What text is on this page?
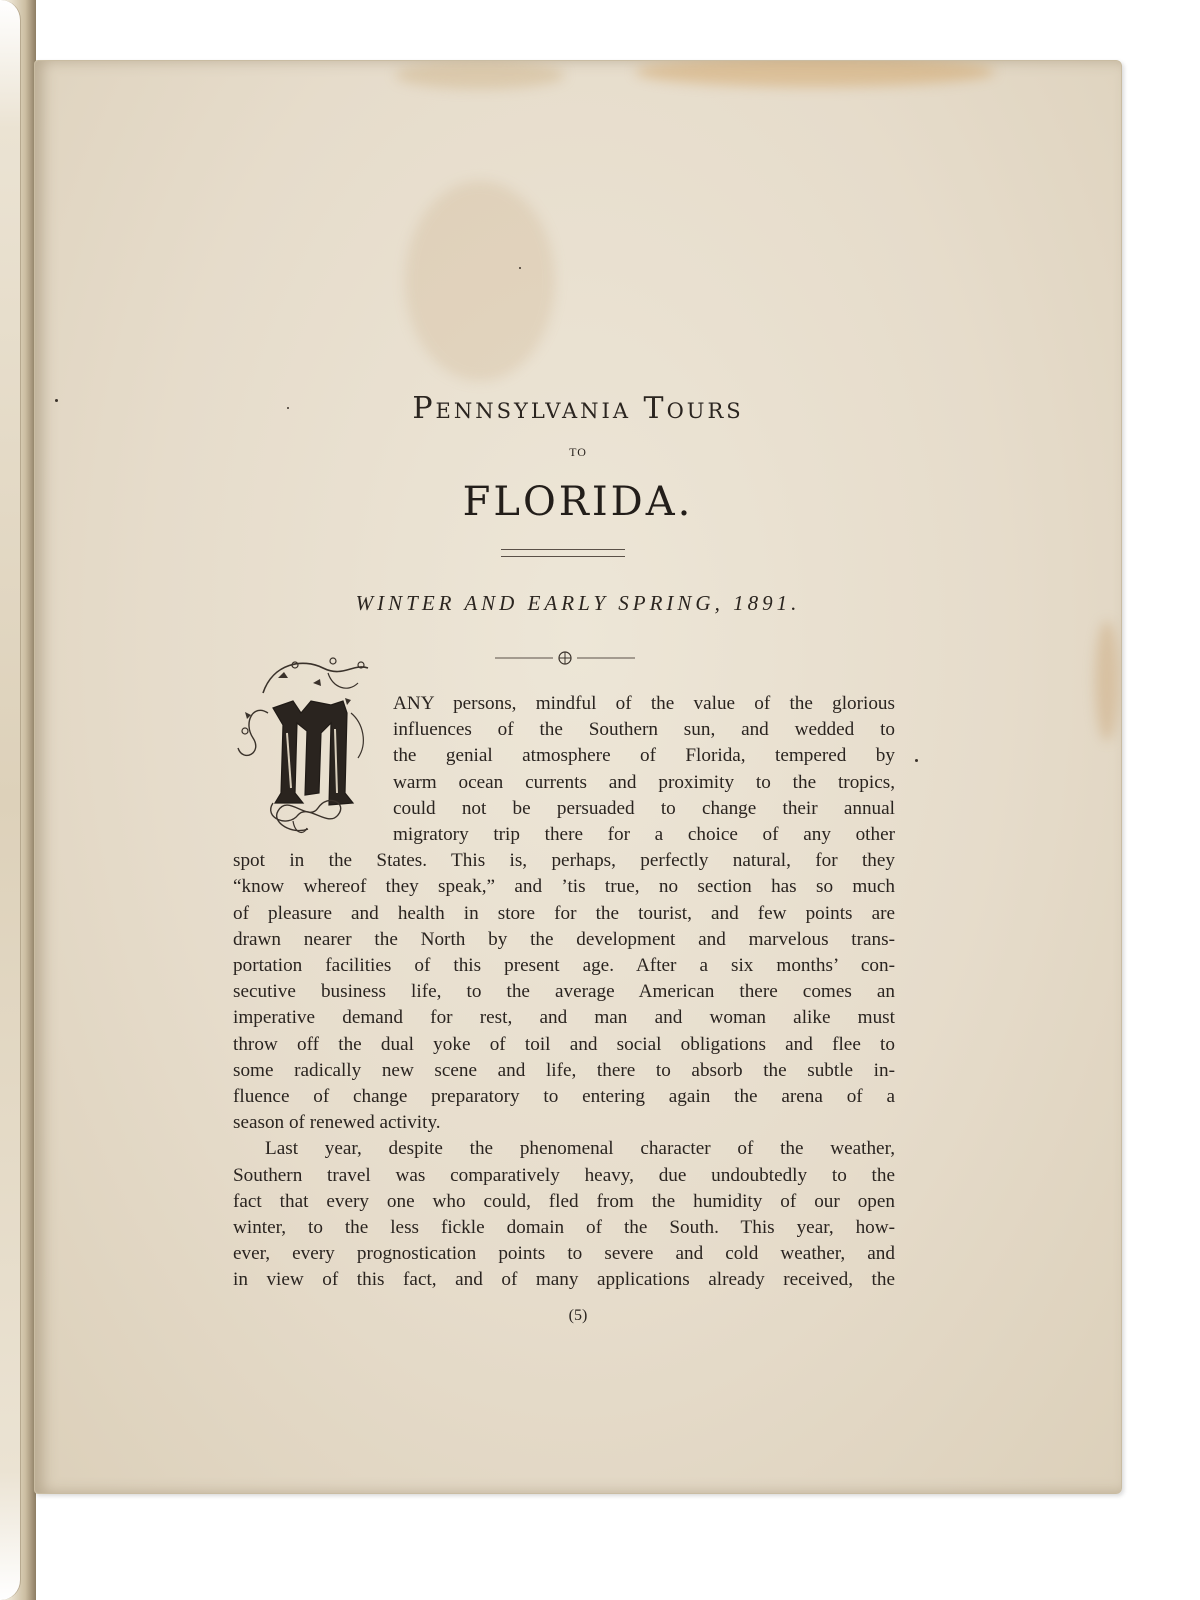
Pennsylvania Tours
TO
FLORIDA.
WINTER AND EARLY SPRING, 1891.
ANY persons, mindful of the value of the glorious
influences of the Southern sun, and wedded to
the genial atmosphere of Florida, tempered by
warm ocean currents and proximity to the tropics,
could not be persuaded to change their annual
migratory trip there for a choice of any other
spot in the States. This is, perhaps, perfectly natural, for they
“know whereof they speak,” and ’tis true, no section has so much
of pleasure and health in store for the tourist, and few points are
drawn nearer the North by the development and marvelous trans-
portation facilities of this present age. After a six months’ con-
secutive business life, to the average American there comes an
imperative demand for rest, and man and woman alike must
throw off the dual yoke of toil and social obligations and flee to
some radically new scene and life, there to absorb the subtle in-
fluence of change preparatory to entering again the arena of a
season of renewed activity.
Last year, despite the phenomenal character of the weather,
Southern travel was comparatively heavy, due undoubtedly to the
fact that every one who could, fled from the humidity of our open
winter, to the less fickle domain of the South. This year, how-
ever, every prognostication points to severe and cold weather, and
in view of this fact, and of many applications already received, the
(5)
